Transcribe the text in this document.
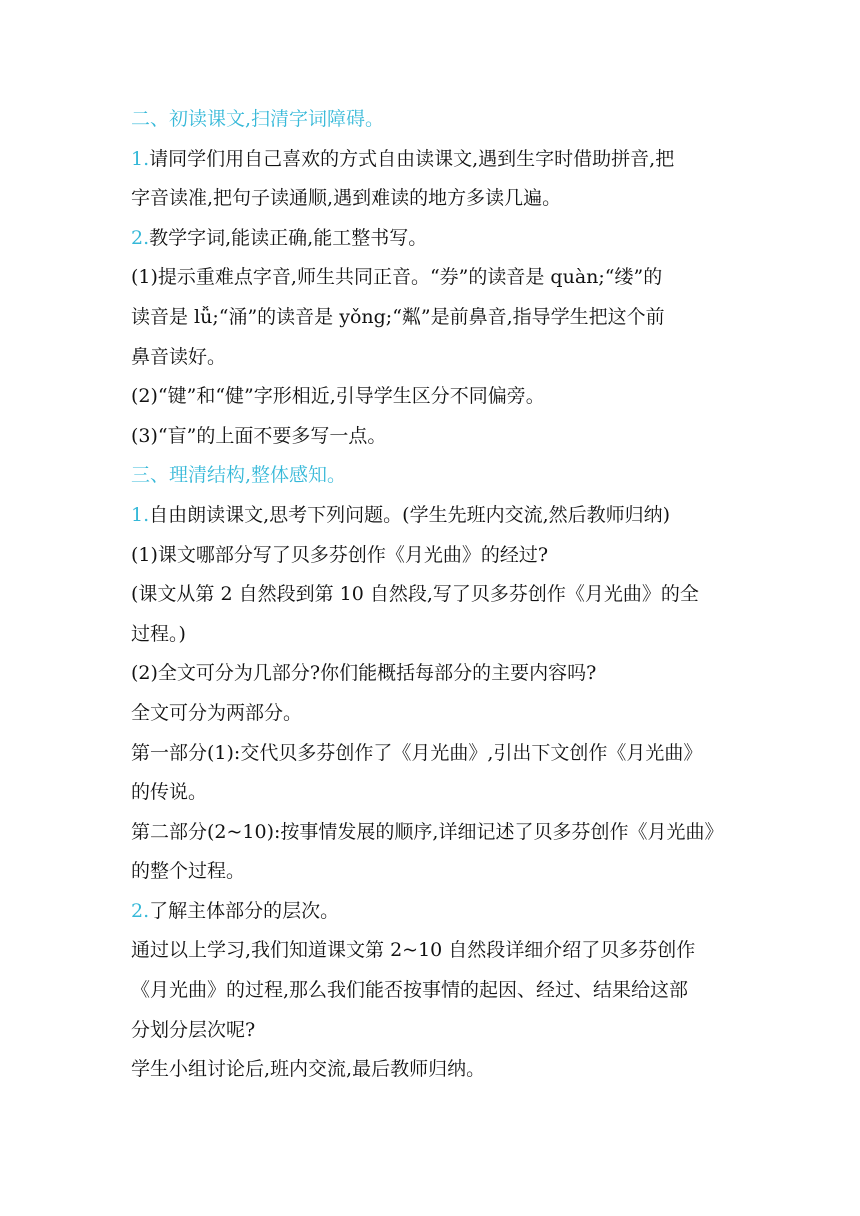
二、初读课文,扫清字词障碍。

1.请同学们用自己喜欢的方式自由读课文,遇到生字时借助拼音,把

字音读准,把句子读通顺,遇到难读的地方多读几遍。

2.教学字词,能读正确,能工整书写。

(1)提示重难点字音,师生共同正音。“券”的读音是 quàn;“缕”的

读音是 lǚ;“涌”的读音是 yǒng;“粼”是前鼻音,指导学生把这个前

鼻音读好。

(2)“键”和“健”字形相近,引导学生区分不同偏旁。

(3)“盲”的上面不要多写一点。

三、理清结构,整体感知。

1.自由朗读课文,思考下列问题。(学生先班内交流,然后教师归纳)

(1)课文哪部分写了贝多芬创作《月光曲》的经过?

(课文从第 2 自然段到第 10 自然段,写了贝多芬创作《月光曲》的全

过程。)

(2)全文可分为几部分?你们能概括每部分的主要内容吗?

全文可分为两部分。

第一部分(1):交代贝多芬创作了《月光曲》,引出下文创作《月光曲》

的传说。

第二部分(2~10):按事情发展的顺序,详细记述了贝多芬创作《月光曲》

的整个过程。

2.了解主体部分的层次。

通过以上学习,我们知道课文第 2~10 自然段详细介绍了贝多芬创作

《月光曲》的过程,那么我们能否按事情的起因、经过、结果给这部

分划分层次呢?

学生小组讨论后,班内交流,最后教师归纳。
